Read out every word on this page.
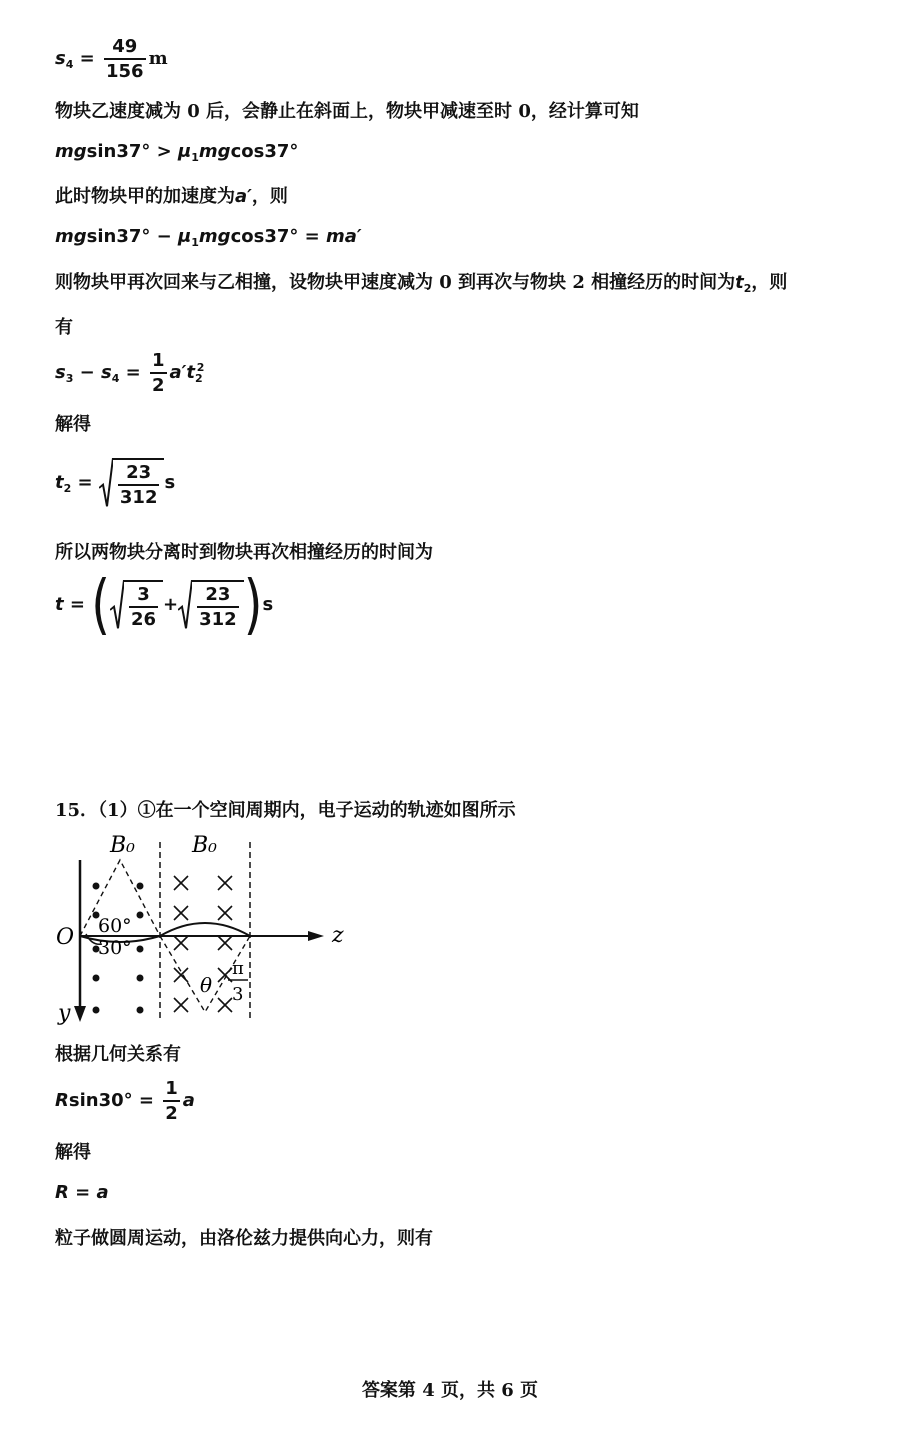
$s_4 = \frac{49}{156}$ m
物块乙速度减为 0 后，会静止在斜面上，物块甲减速至时 0，经计算可知
$mgsin37^\circ > \mu_1mgcos37^\circ$
此时物块甲的加速度为a′，则
$mgsin37^\circ - \mu_1mgcos37^\circ = ma'$
则物块甲再次回来与乙相撞，设物块甲速度减为 0 到再次与物块 2 相撞经历的时间为$t_2$，则
有
$s_3 - s_4 = \frac{1}{2} a't_2^2$
解得
$t_2 = \frac{23}{312}$ s
所以两物块分离时到物块再次相撞经历的时间为
t = ( $\frac{3}{26} + \frac{23}{312} )s$
15．（1）①在一个空间周期内，电子运动的轨迹如图所示
B₀	B₀
60°
30°
θ
π
3
O	z
y
根据几何关系有
$Rsin30^\circ = \frac{1}{2}$ a
解得
R = a
粒子做圆周运动，由洛伦兹力提供向心力，则有
答案第 4 页，共 6 页
